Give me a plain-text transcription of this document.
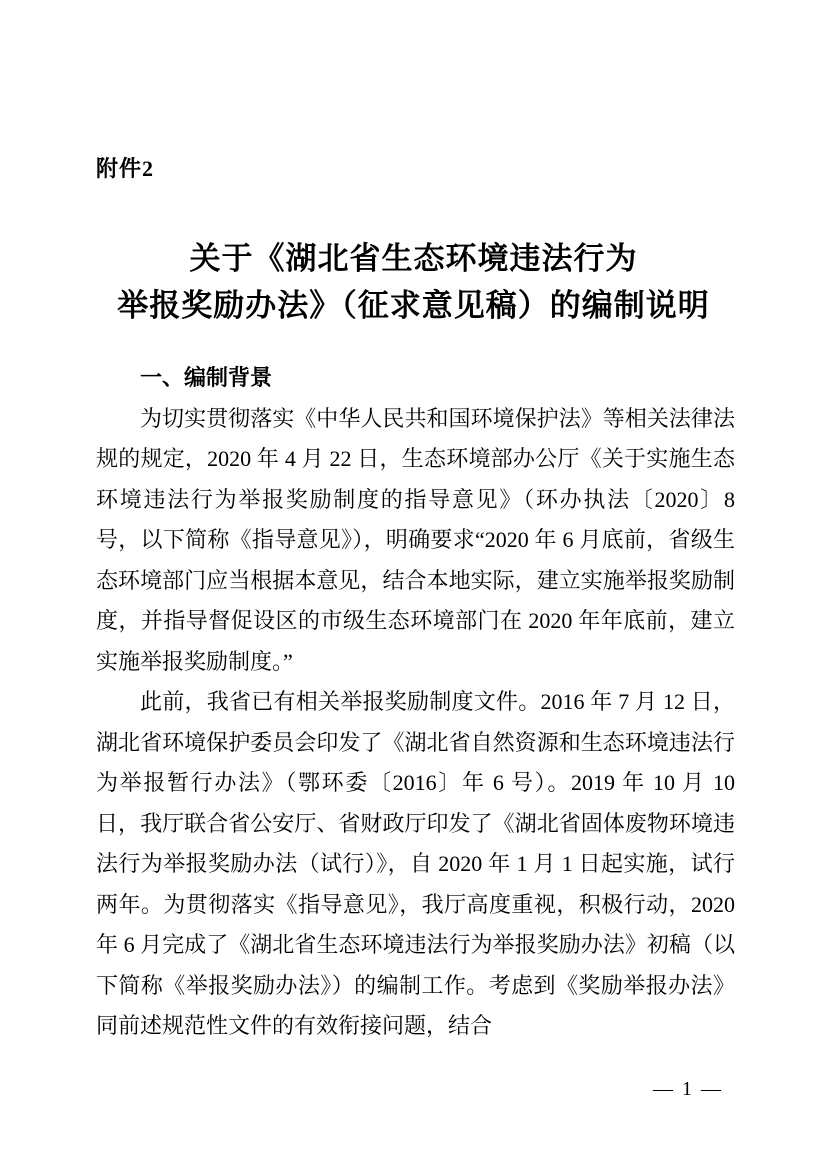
附件2
关于《湖北省生态环境违法行为
举报奖励办法》（征求意见稿）的编制说明

一、编制背景

为切实贯彻落实《中华人民共和国环境保护法》等相关法律法规的规定，2020 年 4 月 22 日，生态环境部办公厅《关于实施生态环境违法行为举报奖励制度的指导意见》（环办执法〔2020〕8 号，以下简称《指导意见》），明确要求“2020 年 6 月底前，省级生态环境部门应当根据本意见，结合本地实际，建立实施举报奖励制度，并指导督促设区的市级生态环境部门在 2020 年年底前，建立实施举报奖励制度。”

此前，我省已有相关举报奖励制度文件。2016 年 7 月 12 日，湖北省环境保护委员会印发了《湖北省自然资源和生态环境违法行为举报暂行办法》（鄂环委〔2016〕年 6 号）。2019 年 10 月 10 日，我厅联合省公安厅、省财政厅印发了《湖北省固体废物环境违法行为举报奖励办法（试行）》，自 2020 年 1 月 1 日起实施，试行两年。为贯彻落实《指导意见》，我厅高度重视，积极行动，2020 年 6 月完成了《湖北省生态环境违法行为举报奖励办法》初稿（以下简称《举报奖励办法》）的编制工作。考虑到《奖励举报办法》同前述规范性文件的有效衔接问题，结合

— 1 —
